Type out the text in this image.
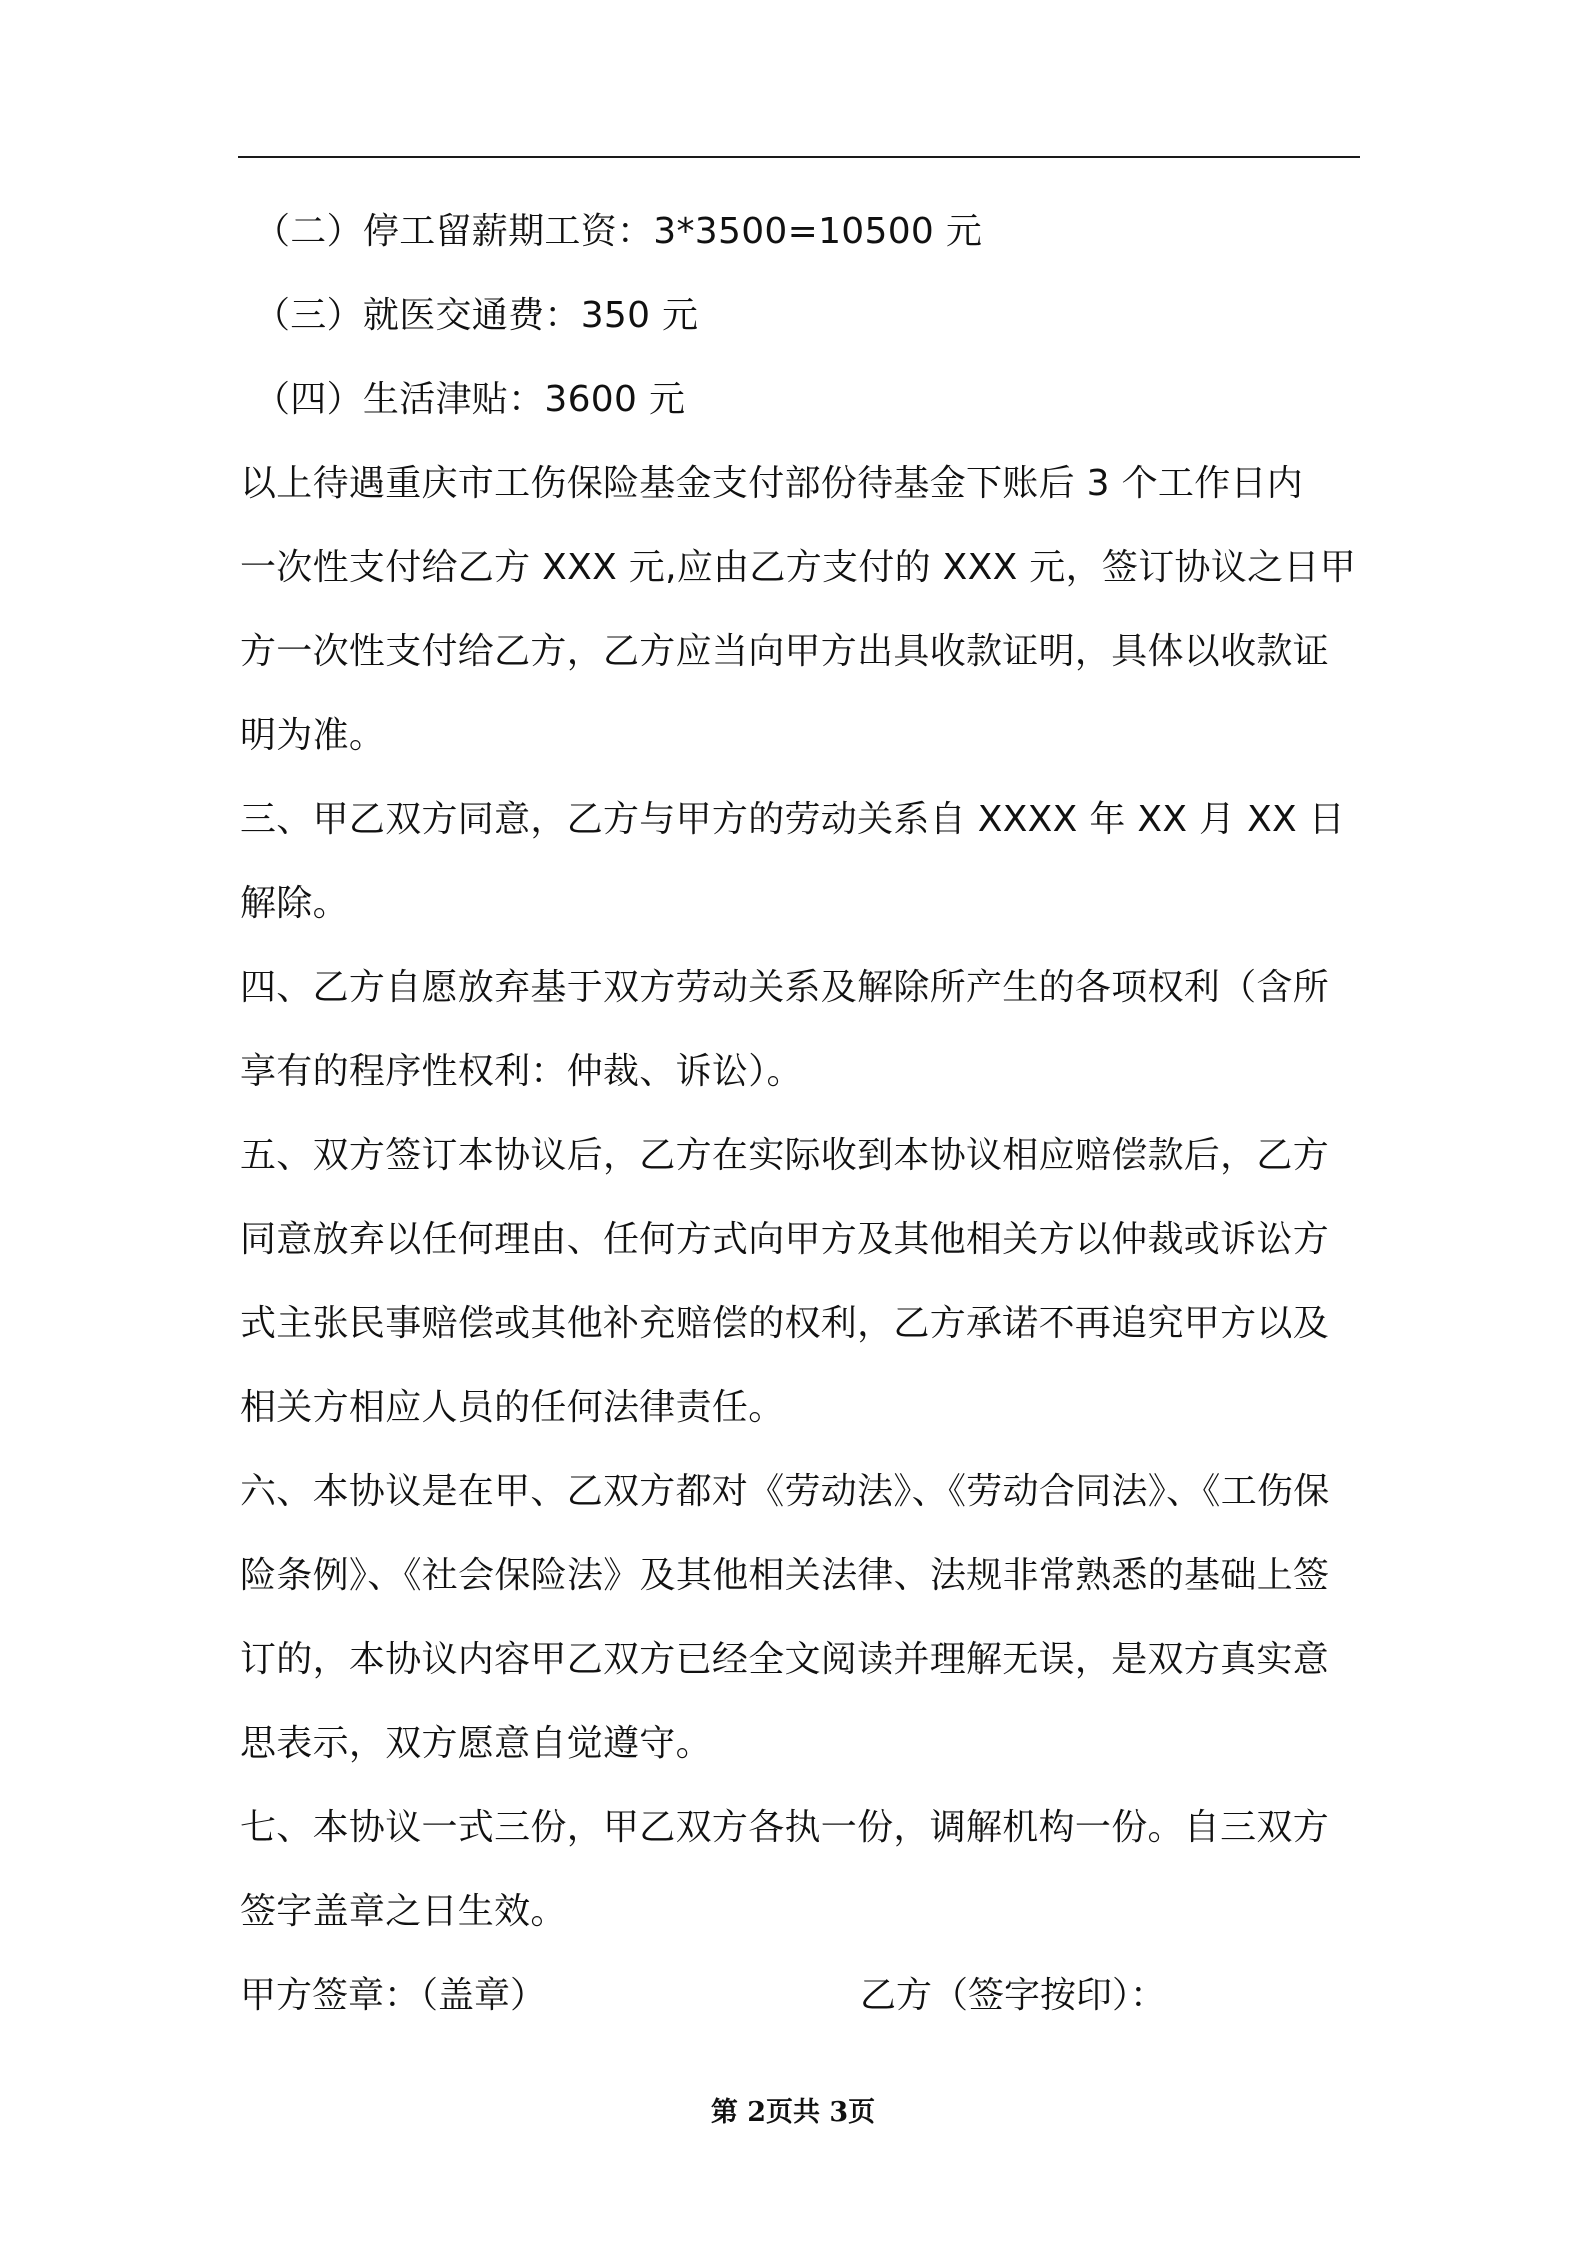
（二）停工留薪期工资：3*3500=10500 元
（三）就医交通费：350 元
（四）生活津贴：3600 元
以上待遇重庆市工伤保险基金支付部份待基金下账后 3 个工作日内
一次性支付给乙方 XXX 元,应由乙方支付的 XXX 元，签订协议之日甲
方一次性支付给乙方，乙方应当向甲方出具收款证明，具体以收款证
明为准。
三、甲乙双方同意，乙方与甲方的劳动关系自 XXXX 年 XX 月 XX 日
解除。
四、乙方自愿放弃基于双方劳动关系及解除所产生的各项权利（含所
享有的程序性权利：仲裁、诉讼）。
五、双方签订本协议后，乙方在实际收到本协议相应赔偿款后，乙方
同意放弃以任何理由、任何方式向甲方及其他相关方以仲裁或诉讼方
式主张民事赔偿或其他补充赔偿的权利，乙方承诺不再追究甲方以及
相关方相应人员的任何法律责任。
六、本协议是在甲、乙双方都对《劳动法》、《劳动合同法》、《工伤保
险条例》、《社会保险法》及其他相关法律、法规非常熟悉的基础上签
订的，本协议内容甲乙双方已经全文阅读并理解无误，是双方真实意
思表示，双方愿意自觉遵守。
七、本协议一式三份，甲乙双方各执一份，调解机构一份。自三双方
签字盖章之日生效。
甲方签章：（盖章）	乙方（签字按印）：
第 2页共 3页
